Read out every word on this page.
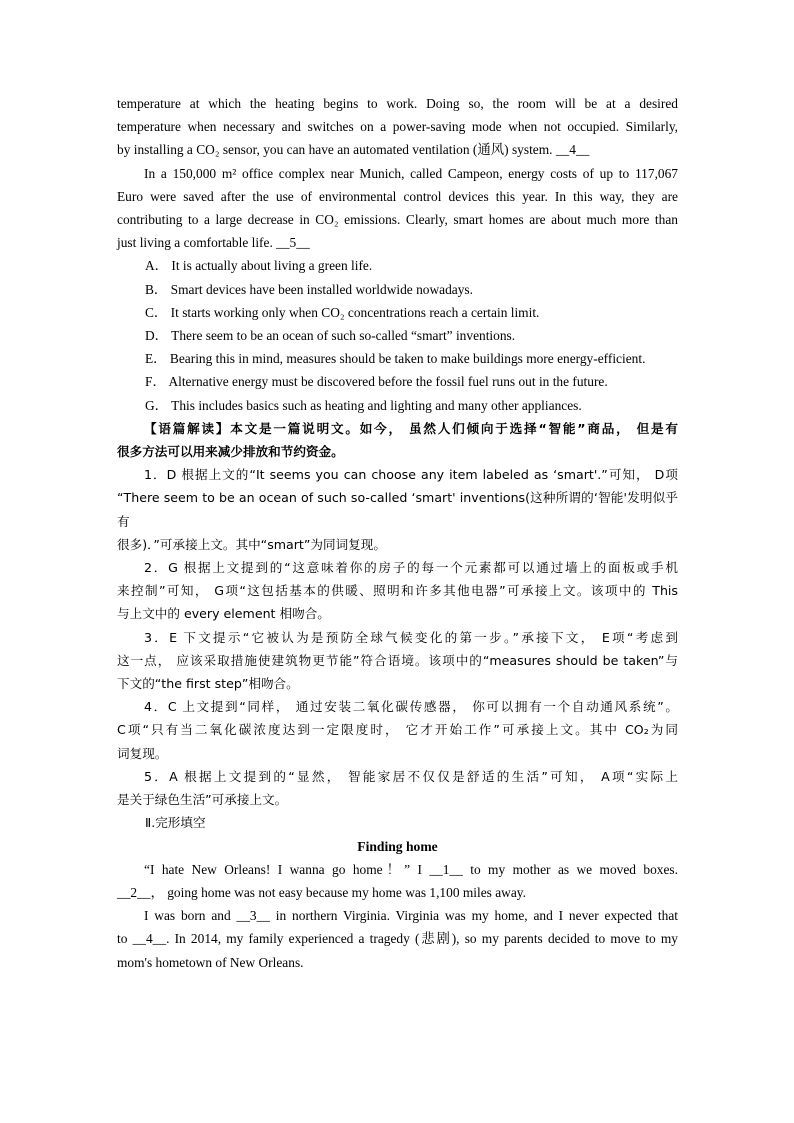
temperature at which the heating begins to work. Doing so, the room will be at a desired
temperature when necessary and switches on a power-saving mode when not occupied. Similarly,
by installing a CO₂ sensor, you can have an automated ventilation (通风) system. __4__
In a 150,000 m² office complex near Munich, called Campeon, energy costs of up to 117,067
Euro were saved after the use of environmental control devices this year. In this way, they are
contributing to a large decrease in CO₂ emissions. Clearly, smart homes are about much more than
just living a comfortable life. __5__
A． It is actually about living a green life.
B． Smart devices have been installed worldwide nowadays.
C． It starts working only when CO₂ concentrations reach a certain limit.
D． There seem to be an ocean of such so-called “smart” inventions.
E． Bearing this in mind, measures should be taken to make buildings more energy-efficient.
F． Alternative energy must be discovered before the fossil fuel runs out in the future.
G． This includes basics such as heating and lighting and many other appliances.
【语篇解读】本文是一篇说明文。如今， 虽然人们倾向于选择“智能”商品， 但是有
很多方法可以用来减少排放和节约资金。
1．D 根据上文的“It seems you can choose any item labeled as ‘smart'.”可知， D项
“There seem to be an ocean of such so-called ‘smart' inventions(这种所谓的‘智能'发明似乎有
很多)．”可承接上文。其中“smart”为同词复现。
2．G 根据上文提到的“这意味着你的房子的每一个元素都可以通过墙上的面板或手机
来控制”可知， G项“这包括基本的供暖、照明和许多其他电器”可承接上文。该项中的 This
与上文中的 every element 相吻合。
3．E 下文提示“它被认为是预防全球气候变化的第一步。”承接下文， E项“考虑到
这一点， 应该采取措施使建筑物更节能”符合语境。该项中的“measures should be taken”与
下文的“the first step”相吻合。
4．C 上文提到“同样， 通过安装二氧化碳传感器， 你可以拥有一个自动通风系统”。
C项“只有当二氧化碳浓度达到一定限度时， 它才开始工作”可承接上文。其中 CO₂为同
词复现。
5．A 根据上文提到的“显然， 智能家居不仅仅是舒适的生活”可知， A项“实际上
是关于绿色生活”可承接上文。
Ⅱ.完形填空
Finding home
“I hate New Orleans! I wanna go home！” I __1__ to my mother as we moved boxes.
__2__， going home was not easy because my home was 1,100 miles away.
I was born and __3__ in northern Virginia. Virginia was my home, and I never expected that
to __4__. In 2014, my family experienced a tragedy (悲剧), so my parents decided to move to my
mom's hometown of New Orleans.
